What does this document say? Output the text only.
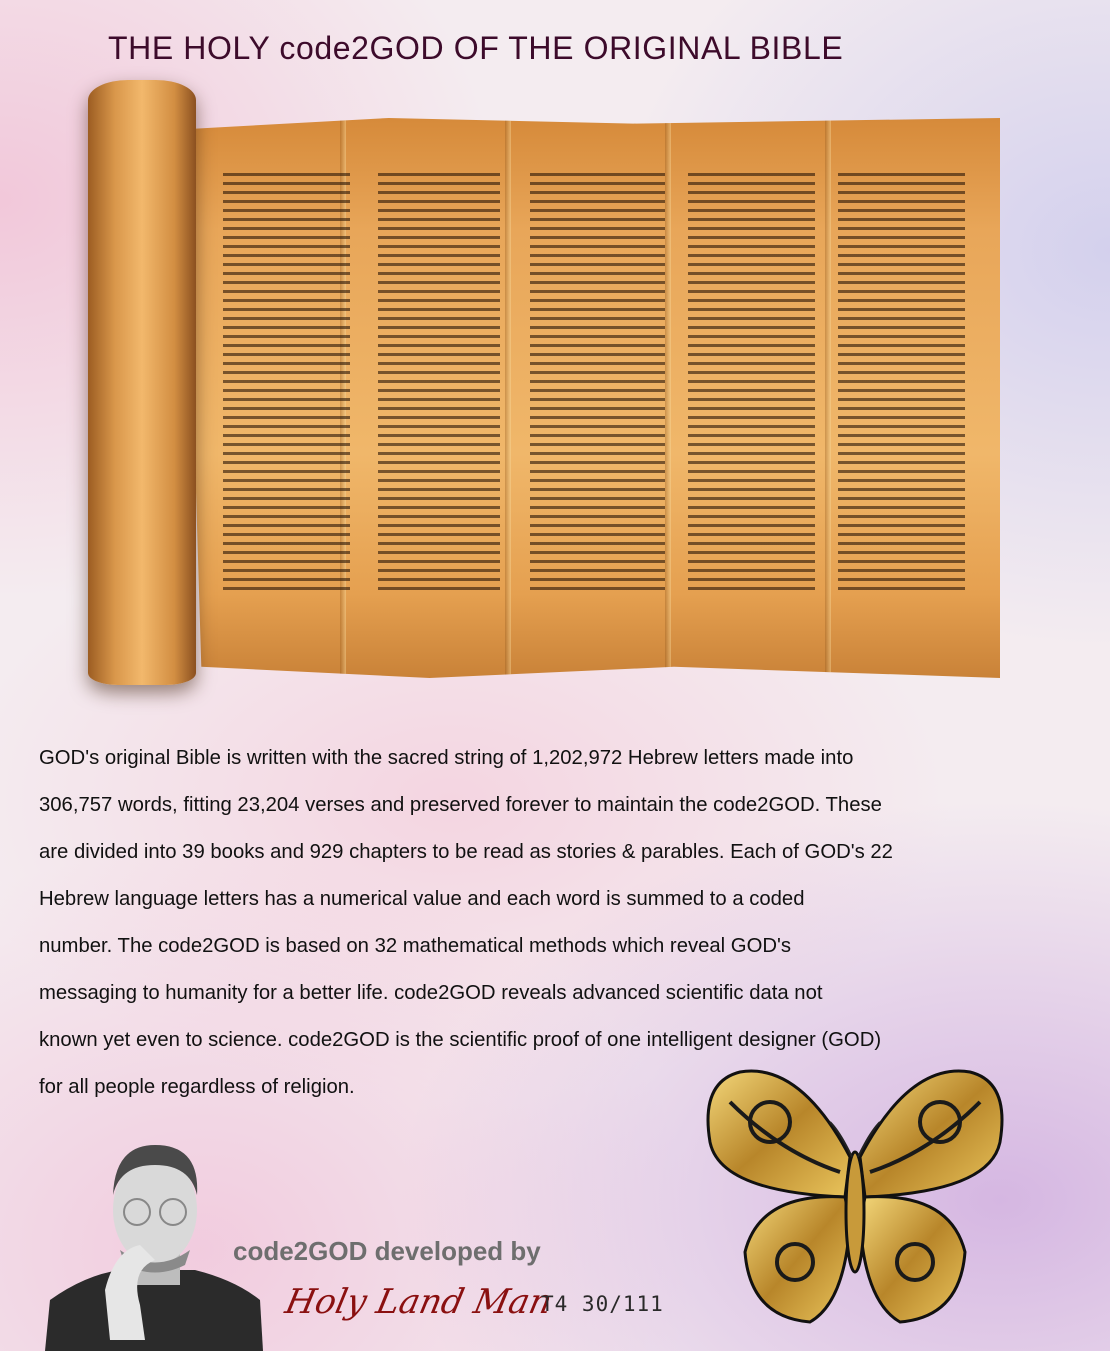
THE HOLY code2GOD OF THE ORIGINAL BIBLE
GOD's original Bible is written with the sacred string of 1,202,972 Hebrew letters made into
306,757 words, fitting 23,204 verses and preserved forever to maintain the code2GOD. These
are divided into 39 books and 929 chapters to be read as stories & parables. Each of GOD's 22
Hebrew language letters has a numerical value and each word is summed to a coded
number. The code2GOD is based on 32 mathematical methods which reveal GOD's
messaging to humanity for a better life. code2GOD reveals advanced scientific data not
known yet even to science. code2GOD is the scientific proof of one intelligent designer (GOD)
for all people regardless of religion.
code2GOD developed by
Holy Land Man
T4 30/111
